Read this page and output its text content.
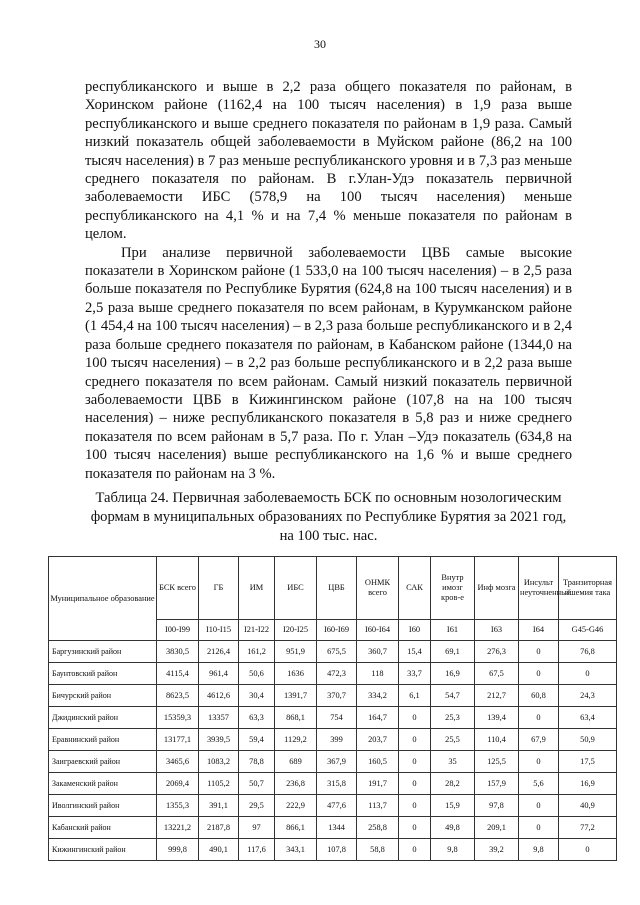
30

республиканского и выше в 2,2 раза общего показателя по районам, в Хоринском районе (1162,4 на 100 тысяч населения) в 1,9 раза выше республиканского и выше среднего показателя по районам в 1,9 раза. Самый низкий показатель общей заболеваемости в Муйском районе (86,2 на 100 тысяч населения) в 7 раз меньше республиканского уровня и в 7,3 раз меньше среднего показателя по районам. В г.Улан-Удэ показатель первичной заболеваемости ИБС (578,9 на 100 тысяч населения) меньше республиканского на 4,1 % и на 7,4 % меньше показателя по районам в целом.

При анализе первичной заболеваемости ЦВБ самые высокие показатели в Хоринском районе (1 533,0 на 100 тысяч населения) – в 2,5 раза больше показателя по Республике Бурятия (624,8 на 100 тысяч населения) и в 2,5 раза выше среднего показателя по всем районам, в Курумканском районе (1 454,4 на 100 тысяч населения) – в 2,3 раза больше республиканского и в 2,4 раза больше среднего показателя по районам, в Кабанском районе (1344,0 на 100 тысяч населения) – в 2,2 раз больше республиканского и в 2,2 раза выше среднего показателя по всем районам. Самый низкий показатель первичной заболеваемости ЦВБ в Кижингинском районе (107,8 на на 100 тысяч населения) – ниже республиканского показателя в 5,8 раз и ниже среднего показателя по всем районам в 5,7 раза. По г. Улан –Удэ показатель (634,8 на 100 тысяч населения) выше республиканского на 1,6 % и выше среднего показателя по районам на 3 %.

Таблица 24. Первичная заболеваемость БСК по основным нозологическим формам в муниципальных образованиях по Республике Бурятия за 2021 год, на 100 тыс. нас.
Муниципальное образование	БСК всего	ГБ	ИМ	ИБС	ЦВБ	ОНМК всего	САК	Внутр имозг кров-е	Инф мозга	Инсульт неуточненный	Транзиторная ишемия така
	I00-I99	I10-I15	I21-I22	I20-I25	I60-I69	I60-I64	I60	I61	I63	I64	G45-G46
Баргузинский район	3830,5	2126,4	161,2	951,9	675,5	360,7	15,4	69,1	276,3	0	76,8
Баунтовский район	4115,4	961,4	50,6	1636	472,3	118	33,7	16,9	67,5	0	0
Бичурский район	8623,5	4612,6	30,4	1391,7	370,7	334,2	6,1	54,7	212,7	60,8	24,3
Джидинский район	15359,3	13357	63,3	868,1	754	164,7	0	25,3	139,4	0	63,4
Еравнинский район	13177,1	3939,5	59,4	1129,2	399	203,7	0	25,5	110,4	67,9	50,9
Заиграевский район	3465,6	1083,2	78,8	689	367,9	160,5	0	35	125,5	0	17,5
Закаменский район	2069,4	1105,2	50,7	236,8	315,8	191,7	0	28,2	157,9	5,6	16,9
Иволгинский район	1355,3	391,1	29,5	222,9	477,6	113,7	0	15,9	97,8	0	40,9
Кабанский район	13221,2	2187,8	97	866,1	1344	258,8	0	49,8	209,1	0	77,2
Кижингинский район	999,8	490,1	117,6	343,1	107,8	58,8	0	9,8	39,2	9,8	0
